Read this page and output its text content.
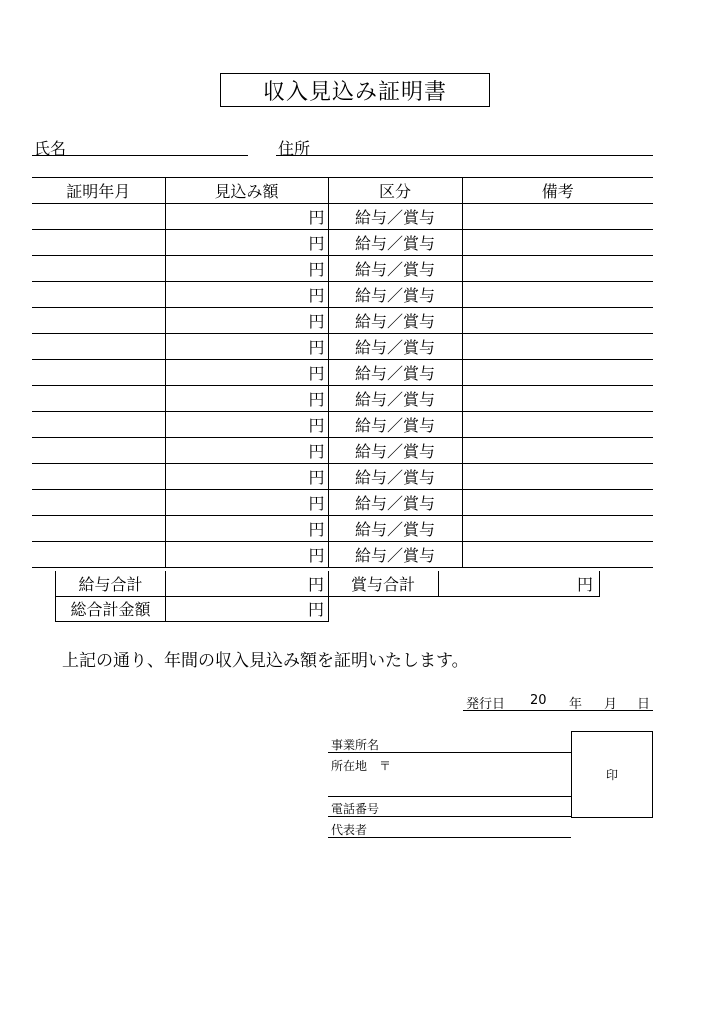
収入見込み証明書
氏名	住所
証明年月	見込み額	区分	備考
	円	給与／賞与	
	円	給与／賞与	
	円	給与／賞与	
	円	給与／賞与	
	円	給与／賞与	
	円	給与／賞与	
	円	給与／賞与	
	円	給与／賞与	
	円	給与／賞与	
	円	給与／賞与	
	円	給与／賞与	
	円	給与／賞与	
	円	給与／賞与	
	円	給与／賞与	
給与合計	円	賞与合計	円
総合計金額	円
上記の通り、年間の収入見込み額を証明いたします。
発行日 20 年 月 日
事業所名
所在地　〒
電話番号
代表者
印
